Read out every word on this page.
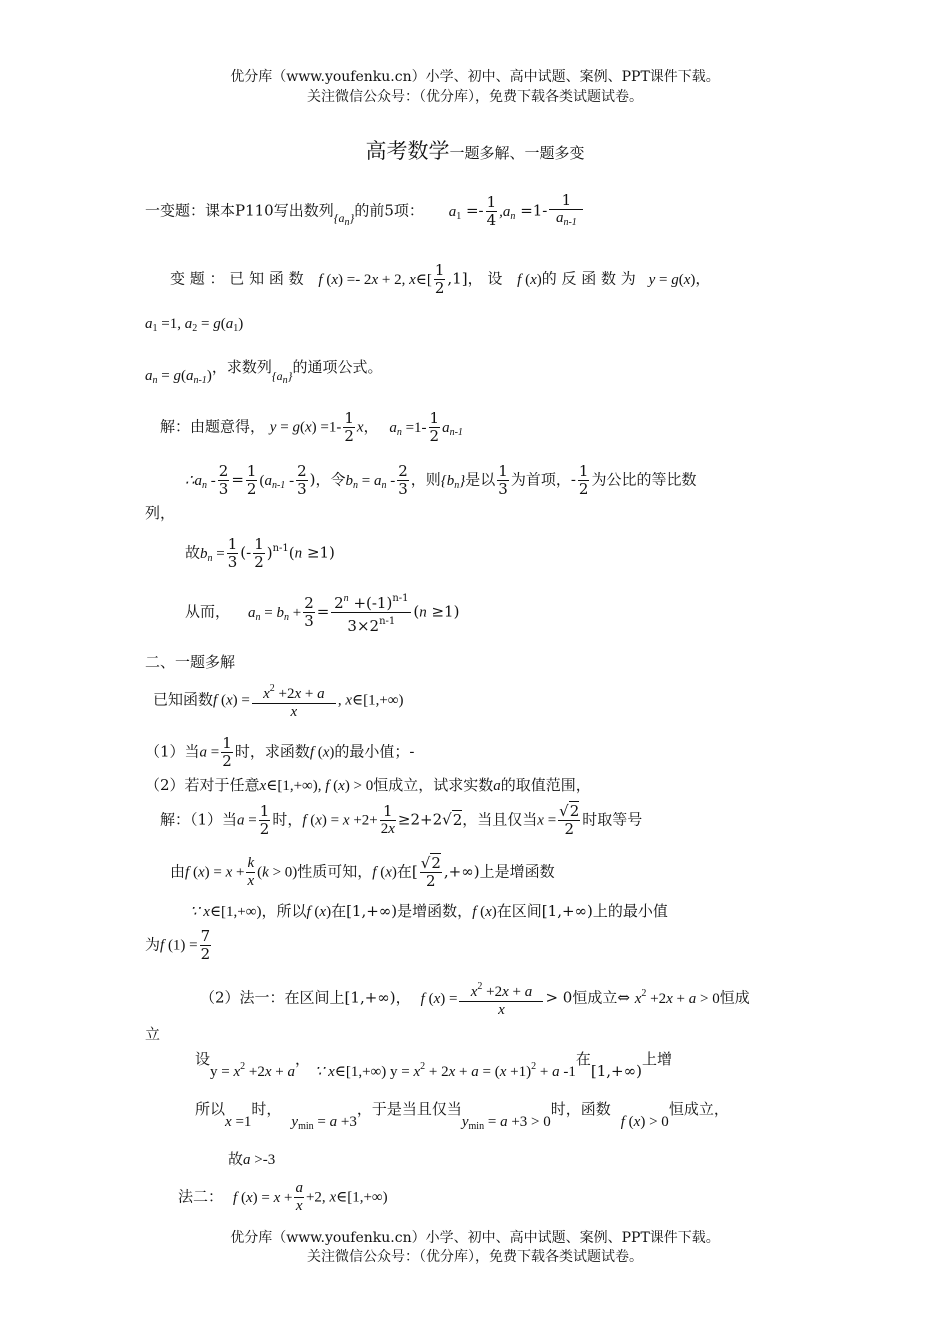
优分库（www.youfenku.cn）小学、初中、高中试题、案例、PPT课件下载。
关注微信公众号：（优分库），免费下载各类试题试卷。
高考数学一题多解、一题多变
一变题：课本P110写出数列$_{\{a_n\}}$的前5项： $a_1 =- \frac{1}{4} ,a_n =1- \frac{1}{a_{n-1}}$
变 题 ： 已 知 函 数 f (x) =- 2x + 2, x∈[ $\frac{1}{2} ,1$]， 设 f (x)的 反 函 数 为 y = g(x)，
$a_1 =1$, $a_2 = g(a_1)$
$a_n = g(a_{n-1})$，求数列$_{\{a_n\}}$的通项公式。
解：由题意得， $y = g(x) =1- \frac{1}{2}$ x， $a_n =1- \frac{1}{2} a_{n-1}$
$\therefore a_n - \frac{2}{3} = \frac{1}{2} (a_{n-1} - \frac{2}{3}$ )，令$b_n = a_n - \frac{2}{3}$ ，则$\{b_n\}$是以 $\frac{1}{3}$ 为首项，- $\frac{1}{2}$ 为公比的等比数
列，
故$b_n = \frac{1}{3}$ (- $\frac{1}{2} )^{n-1}(n \ge 1)$
从而， $a_n = b_n + \frac{2}{3} = \frac{2^n +(-1)^{n-1}}{3\times 2^{n-1}} (n \ge 1)$
二、一题多解
已知函数f $(x) = \frac{x^2 +2x + a}{x}$ , x∈[1,+∞)
（1）当$a = \frac{1}{2}$ 时，求函数f (x)的最小值；-
（2）若对于任意x∈[1,+∞), f (x) > 0恒成立，试求实数a的取值范围，
解：（1）当$a = \frac{1}{2}$ 时，f $(x) = x +2+ \frac{1}{2x} \ge 2+2√2$，当且仅当$x = \frac{√2}{2}$ 时取等号
由f $(x) = x + \frac{k}{x} (k > 0)$性质可知，f (x)在[ $\frac{√2}{2}$ ,+∞)上是增函数
∵ x∈[1,+∞)，所以f (x)在[1,+∞)是增函数，f (x)在区间[1,+∞)上的最小值
为f $(1) = \frac{7}{2}$
（2）法一：在区间上[1,+∞)， f $(x) = \frac{x^2 +2x + a}{x} > 0$恒成立⇔ $x^2 +2x + a > 0$恒成
立
设$y = x^2 +2x + a$， ∵ x∈[1,+∞) $y = x^2 + 2x + a = (x +1)^2 + a$ -1在[1,+∞)上增
所以x =1时，$y_{min} = a +3$，于是当且仅当$y_{min} = a +3 > 0$时，函数f (x) > 0恒成立，
故a >-3
法二： f $(x) = x + \frac{a}{x} +2$, x∈[1,+∞)
优分库（www.youfenku.cn）小学、初中、高中试题、案例、PPT课件下载。
关注微信公众号：（优分库），免费下载各类试题试卷。
